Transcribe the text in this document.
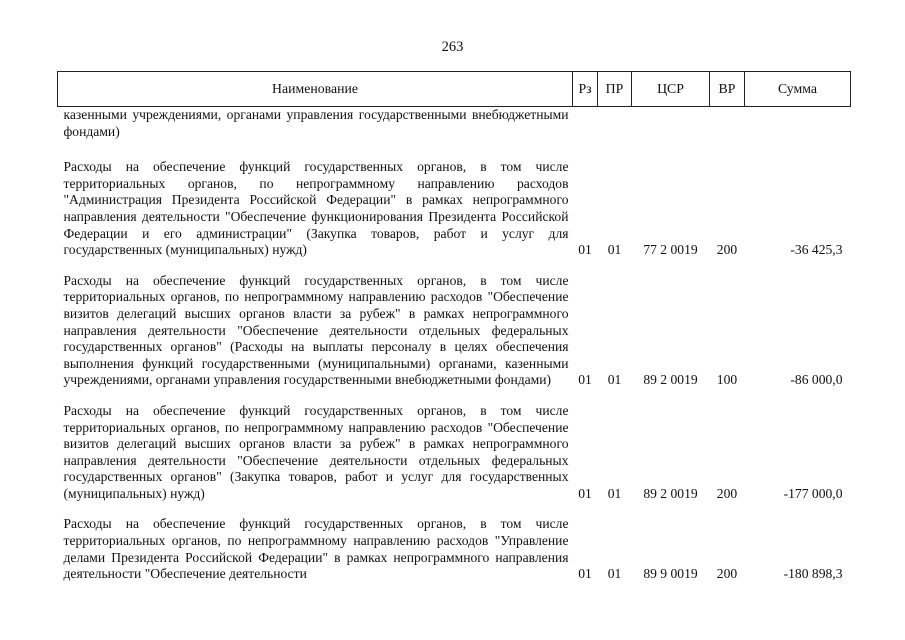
263
Наименование	Рз	ПР	ЦСР	ВР	Сумма
казенными учреждениями, органами управления государственными внебюджетными фондами)					

Расходы на обеспечение функций государственных органов, в том числе территориальных органов, по непрограммному направлению расходов "Администрация Президента Российской Федерации" в рамках непрограммного направления деятельности "Обеспечение функционирования Президента Российской Федерации и его администрации" (Закупка товаров, работ и услуг для государственных (муниципальных) нужд)	01	01	77 2 0019	200	-36 425,3

Расходы на обеспечение функций государственных органов, в том числе территориальных органов, по непрограммному направлению расходов "Обеспечение визитов делегаций высших органов власти за рубеж" в рамках непрограммного направления деятельности "Обеспечение деятельности отдельных федеральных государственных органов" (Расходы на выплаты персоналу в целях обеспечения выполнения функций государственными (муниципальными) органами, казенными учреждениями, органами управления государственными внебюджетными фондами)	01	01	89 2 0019	100	-86 000,0

Расходы на обеспечение функций государственных органов, в том числе территориальных органов, по непрограммному направлению расходов "Обеспечение визитов делегаций высших органов власти за рубеж" в рамках непрограммного направления деятельности "Обеспечение деятельности отдельных федеральных государственных органов" (Закупка товаров, работ и услуг для государственных (муниципальных) нужд)	01	01	89 2 0019	200	-177 000,0

Расходы на обеспечение функций государственных органов, в том числе территориальных органов, по непрограммному направлению расходов "Управление делами Президента Российской Федерации" в рамках непрограммного направления деятельности "Обеспечение деятельности	01	01	89 9 0019	200	-180 898,3
